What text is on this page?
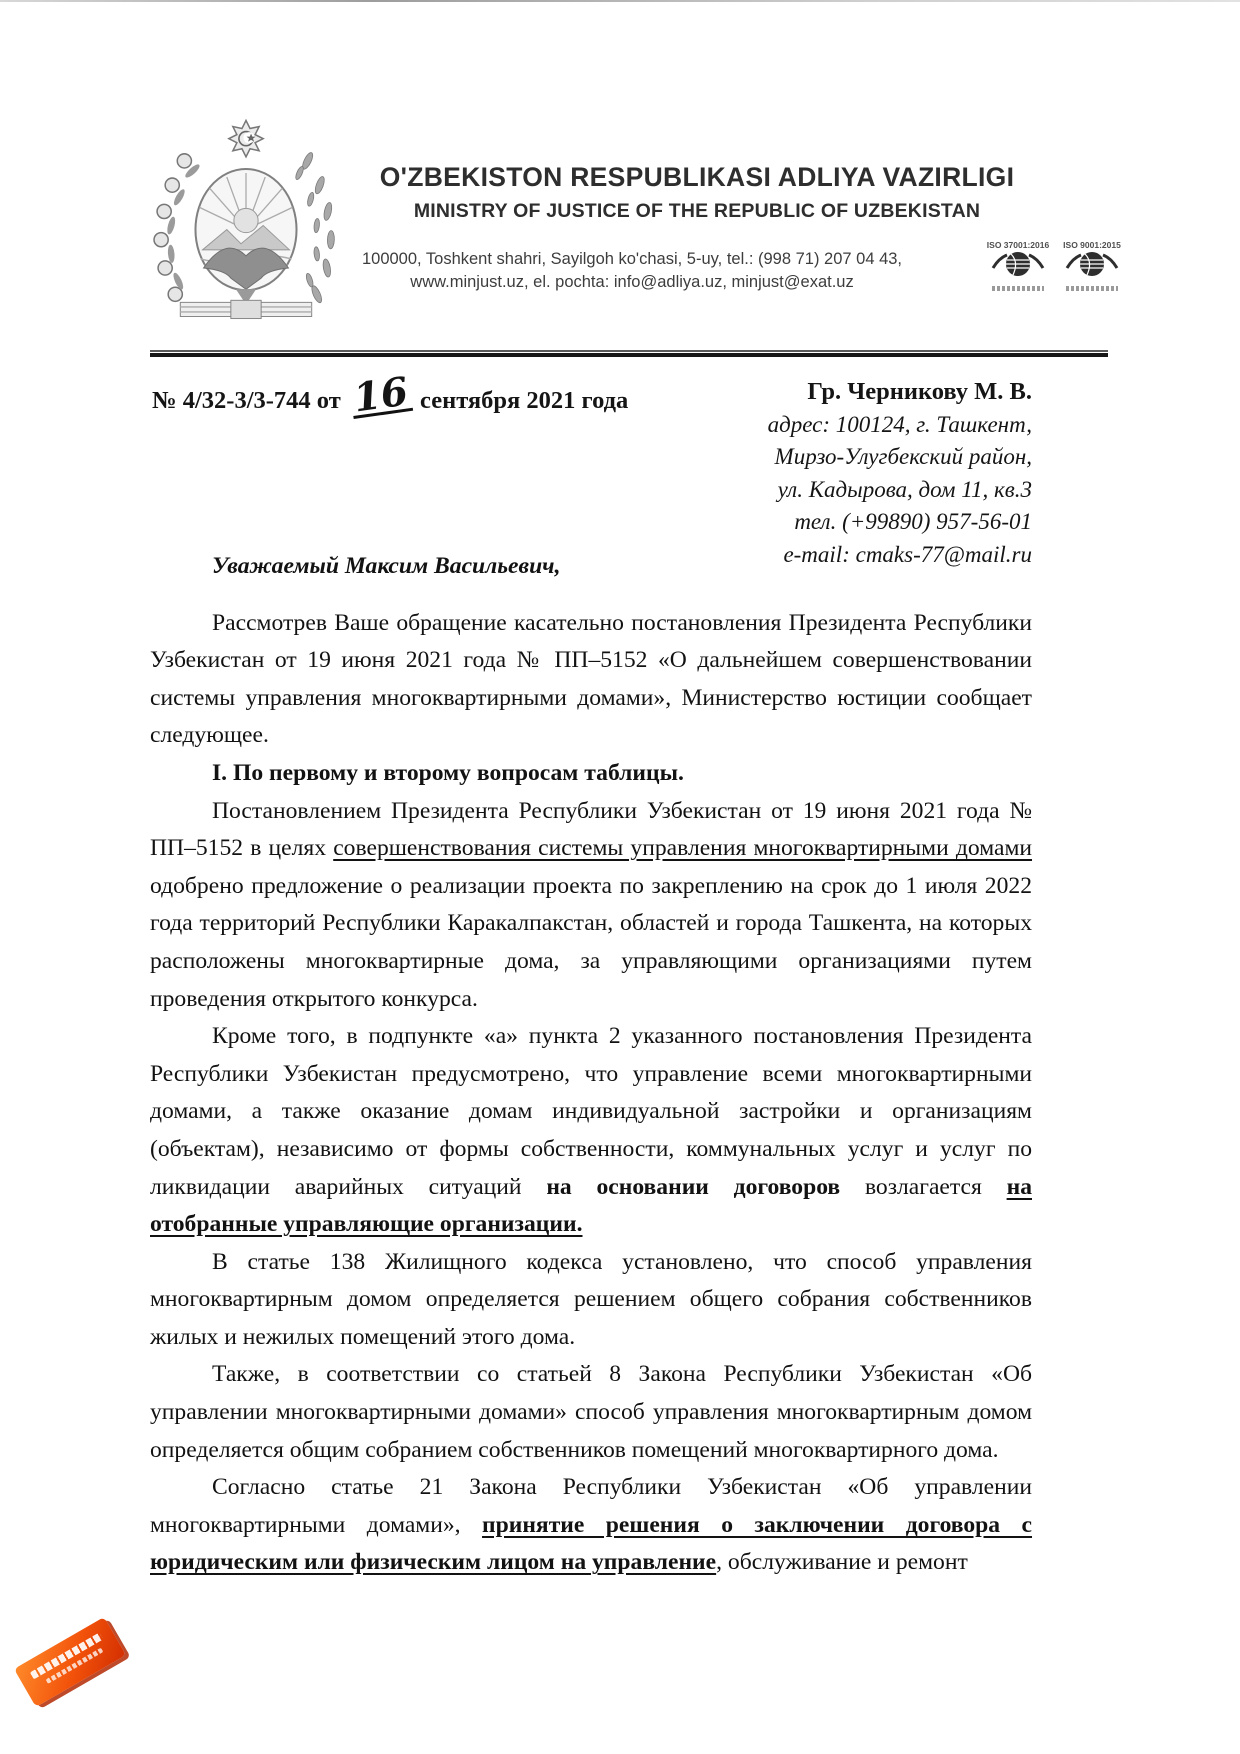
O'ZBEKISTON RESPUBLIKASI ADLIYA VAZIRLIGI
MINISTRY OF JUSTICE OF THE REPUBLIC OF UZBEKISTAN
100000, Toshkent shahri, Sayilgoh ko'chasi, 5-uy, tel.: (998 71) 207 04 43,
www.minjust.uz, el. pochta: info@adliya.uz, minjust@exat.uz
ISO 37001:2016	ISO 9001:2015
№ 4/32-3/3-744 от 16 сентября 2021 года	Гр. Черникову М. В.
адрес: 100124, г. Ташкент,
Мирзо-Улугбекский район,
ул. Кадырова, дом 11, кв.3
тел. (+99890) 957-56-01
e-mail: cmaks-77@mail.ru

Уважаемый Максим Васильевич,

Рассмотрев Ваше обращение касательно постановления Президента Республики Узбекистан от 19 июня 2021 года № ПП–5152 «О дальнейшем совершенствовании системы управления многоквартирными домами», Министерство юстиции сообщает следующее.

I. По первому и второму вопросам таблицы.

Постановлением Президента Республики Узбекистан от 19 июня 2021 года № ПП–5152 в целях совершенствования системы управления многоквартирными домами одобрено предложение о реализации проекта по закреплению на срок до 1 июля 2022 года территорий Республики Каракалпакстан, областей и города Ташкента, на которых расположены многоквартирные дома, за управляющими организациями путем проведения открытого конкурса.

Кроме того, в подпункте «а» пункта 2 указанного постановления Президента Республики Узбекистан предусмотрено, что управление всеми многоквартирными домами, а также оказание домам индивидуальной застройки и организациям (объектам), независимо от формы собственности, коммунальных услуг и услуг по ликвидации аварийных ситуаций на основании договоров возлагается на отобранные управляющие организации.

В статье 138 Жилищного кодекса установлено, что способ управления многоквартирным домом определяется решением общего собрания собственников жилых и нежилых помещений этого дома.

Также, в соответствии со статьей 8 Закона Республики Узбекистан «Об управлении многоквартирными домами» способ управления многоквартирным домом определяется общим собранием собственников помещений многоквартирного дома.

Согласно статье 21 Закона Республики Узбекистан «Об управлении многоквартирными домами», принятие решения о заключении договора с юридическим или физическим лицом на управление, обслуживание и ремонт
